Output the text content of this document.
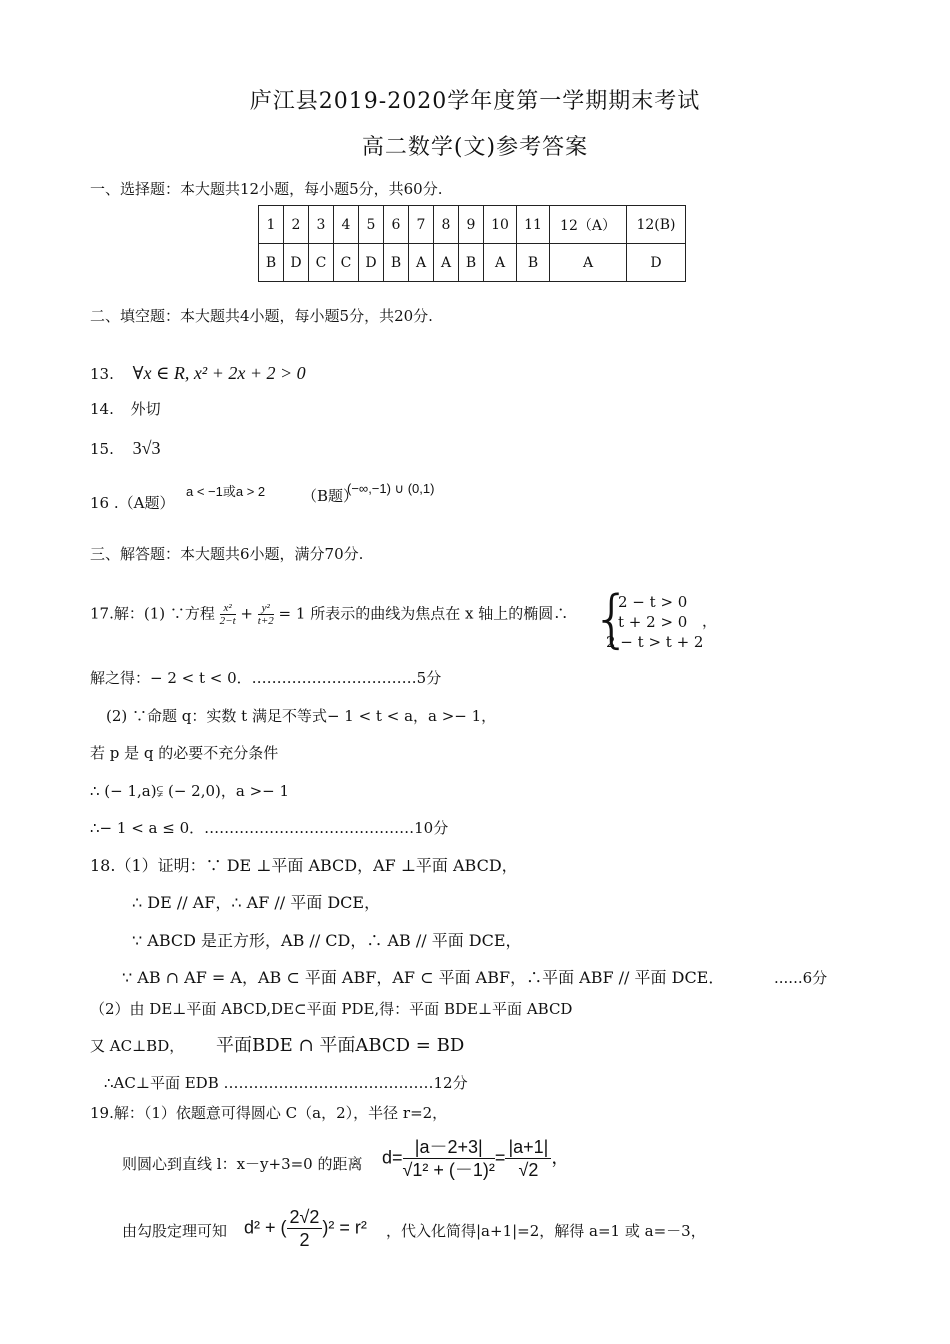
庐江县2019-2020学年度第一学期期末考试
高二数学(文)参考答案
一、选择题：本大题共12小题，每小题5分，共60分.
1	2	3	4	5	6	7	8	9	10	11	12（A）	12(B)
B	D	C	C	D	B	A	A	B	A	B	A	D
二、填空题：本大题共4小题，每小题5分，共20分.
13. ∀x ∈ R, x² + 2x + 2 > 0
14. 外切
15. 3√3
16 .（A题）
a < −1或a > 2 （B题）
(−∞,−1) ∪ (0,1)
三、解答题：本大题共6小题，满分70分.
17.解：(1) ∵方程 $\frac{\text{x²}}{2-t} + \frac{\text{y²}}{t+2} = 1$ 所表示的曲线为焦点在 x 轴上的椭圆∴ {
2 − t > 0
t + 2 > 0
2 − t > t + 2
，
解之得：− 2 < t < 0．……………………………5分
(2) ∵命题 q：实数 t 满足不等式− 1 < t < a，a >− 1，
若 p 是 q 的必要不充分条件
∴ (− 1,a)⫋ (− 2,0)，a >− 1
∴− 1 < a ≤ 0．……………………………………10分
18.（1）证明：∵ DE ⊥平面 ABCD，AF ⊥平面 ABCD，
∴ DE // AF，∴ AF // 平面 DCE，
∵ ABCD 是正方形，AB // CD，∴ AB // 平面 DCE，
∵ AB ∩ AF = A，AB ⊂ 平面 ABF，AF ⊂ 平面 ABF，∴平面 ABF // 平面 DCE．	......6分
（2）由 DE⊥平面 ABCD,DE⊂平面 PDE,得：平面 BDE⊥平面 ABCD
又 AC⊥BD， 平面BDE ∩ 平面ABCD = BD
∴AC⊥平面 EDB ……………………………………12分
19.解：（1）依题意可得圆心 C（a，2），半径 r=2，
则圆心到直线 l：x－y+3=0 的距离 $d= \frac{|a-2+3|}{\text{√1² + (－1)²}} = \frac{|a+1|}{√2}$ ，
由勾股定理可知 d² + ( $\frac{2√2}{2} )^2 = r^2$ ，代入化简得|a+1|=2，解得 a=1 或 a=－3，
